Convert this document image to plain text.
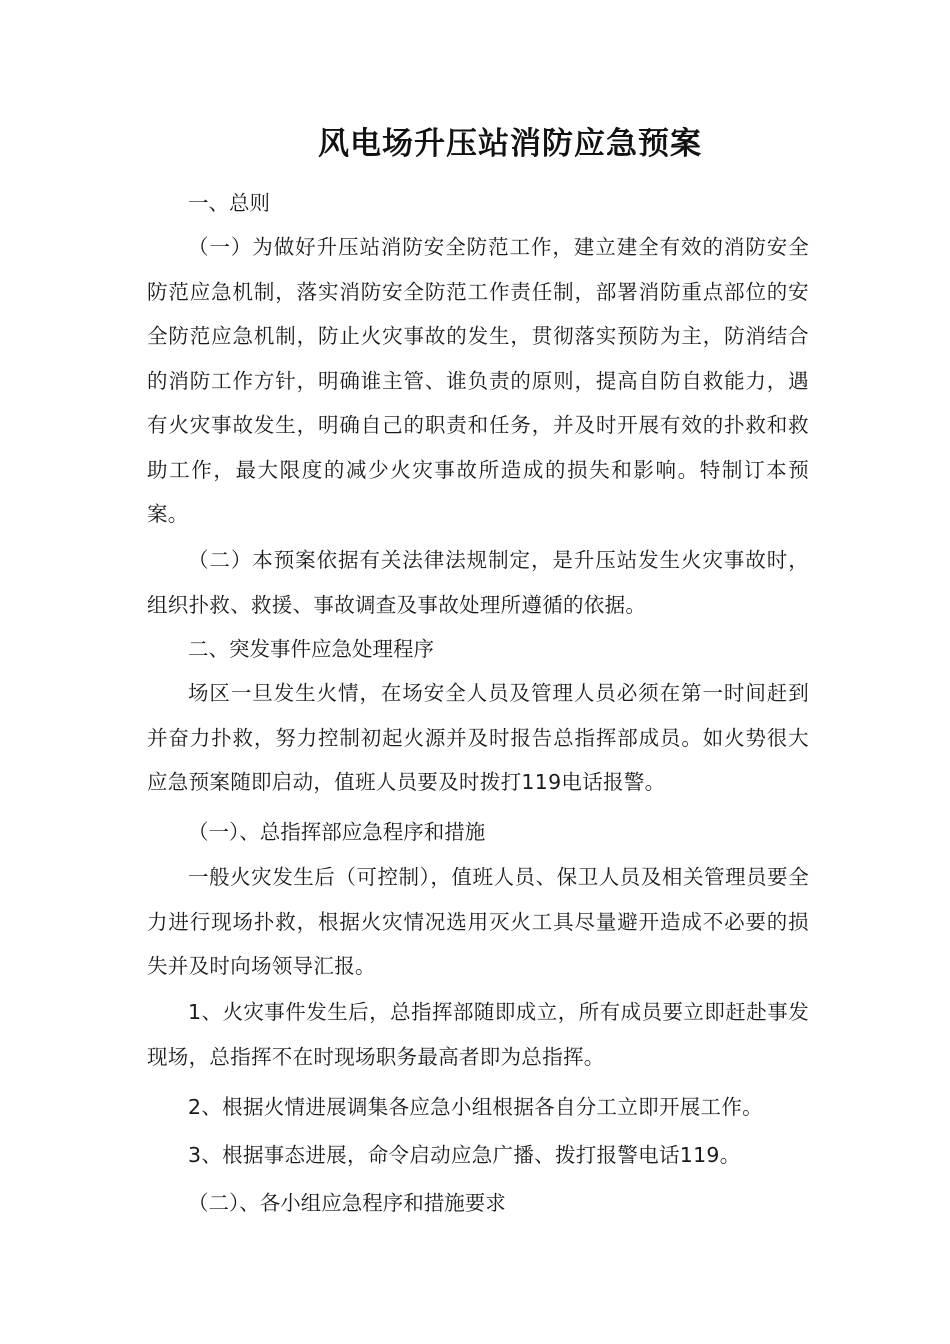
风电场升压站消防应急预案

一、总则

（一）为做好升压站消防安全防范工作，建立建全有效的消防安全防范应急机制，落实消防安全防范工作责任制，部署消防重点部位的安全防范应急机制，防止火灾事故的发生，贯彻落实预防为主，防消结合的消防工作方针，明确谁主管、谁负责的原则，提高自防自救能力，遇有火灾事故发生，明确自己的职责和任务，并及时开展有效的扑救和救助工作，最大限度的减少火灾事故所造成的损失和影响。特制订本预案。

（二）本预案依据有关法律法规制定，是升压站发生火灾事故时，组织扑救、救援、事故调查及事故处理所遵循的依据。

二、突发事件应急处理程序

场区一旦发生火情，在场安全人员及管理人员必须在第一时间赶到并奋力扑救，努力控制初起火源并及时报告总指挥部成员。如火势很大应急预案随即启动，值班人员要及时拨打119电话报警。

（一）、总指挥部应急程序和措施

一般火灾发生后（可控制），值班人员、保卫人员及相关管理员要全力进行现场扑救，根据火灾情况选用灭火工具尽量避开造成不必要的损失并及时向场领导汇报。

1、火灾事件发生后，总指挥部随即成立，所有成员要立即赶赴事发现场，总指挥不在时现场职务最高者即为总指挥。

2、根据火情进展调集各应急小组根据各自分工立即开展工作。

3、根据事态进展，命令启动应急广播、拨打报警电话119。

（二）、各小组应急程序和措施要求
